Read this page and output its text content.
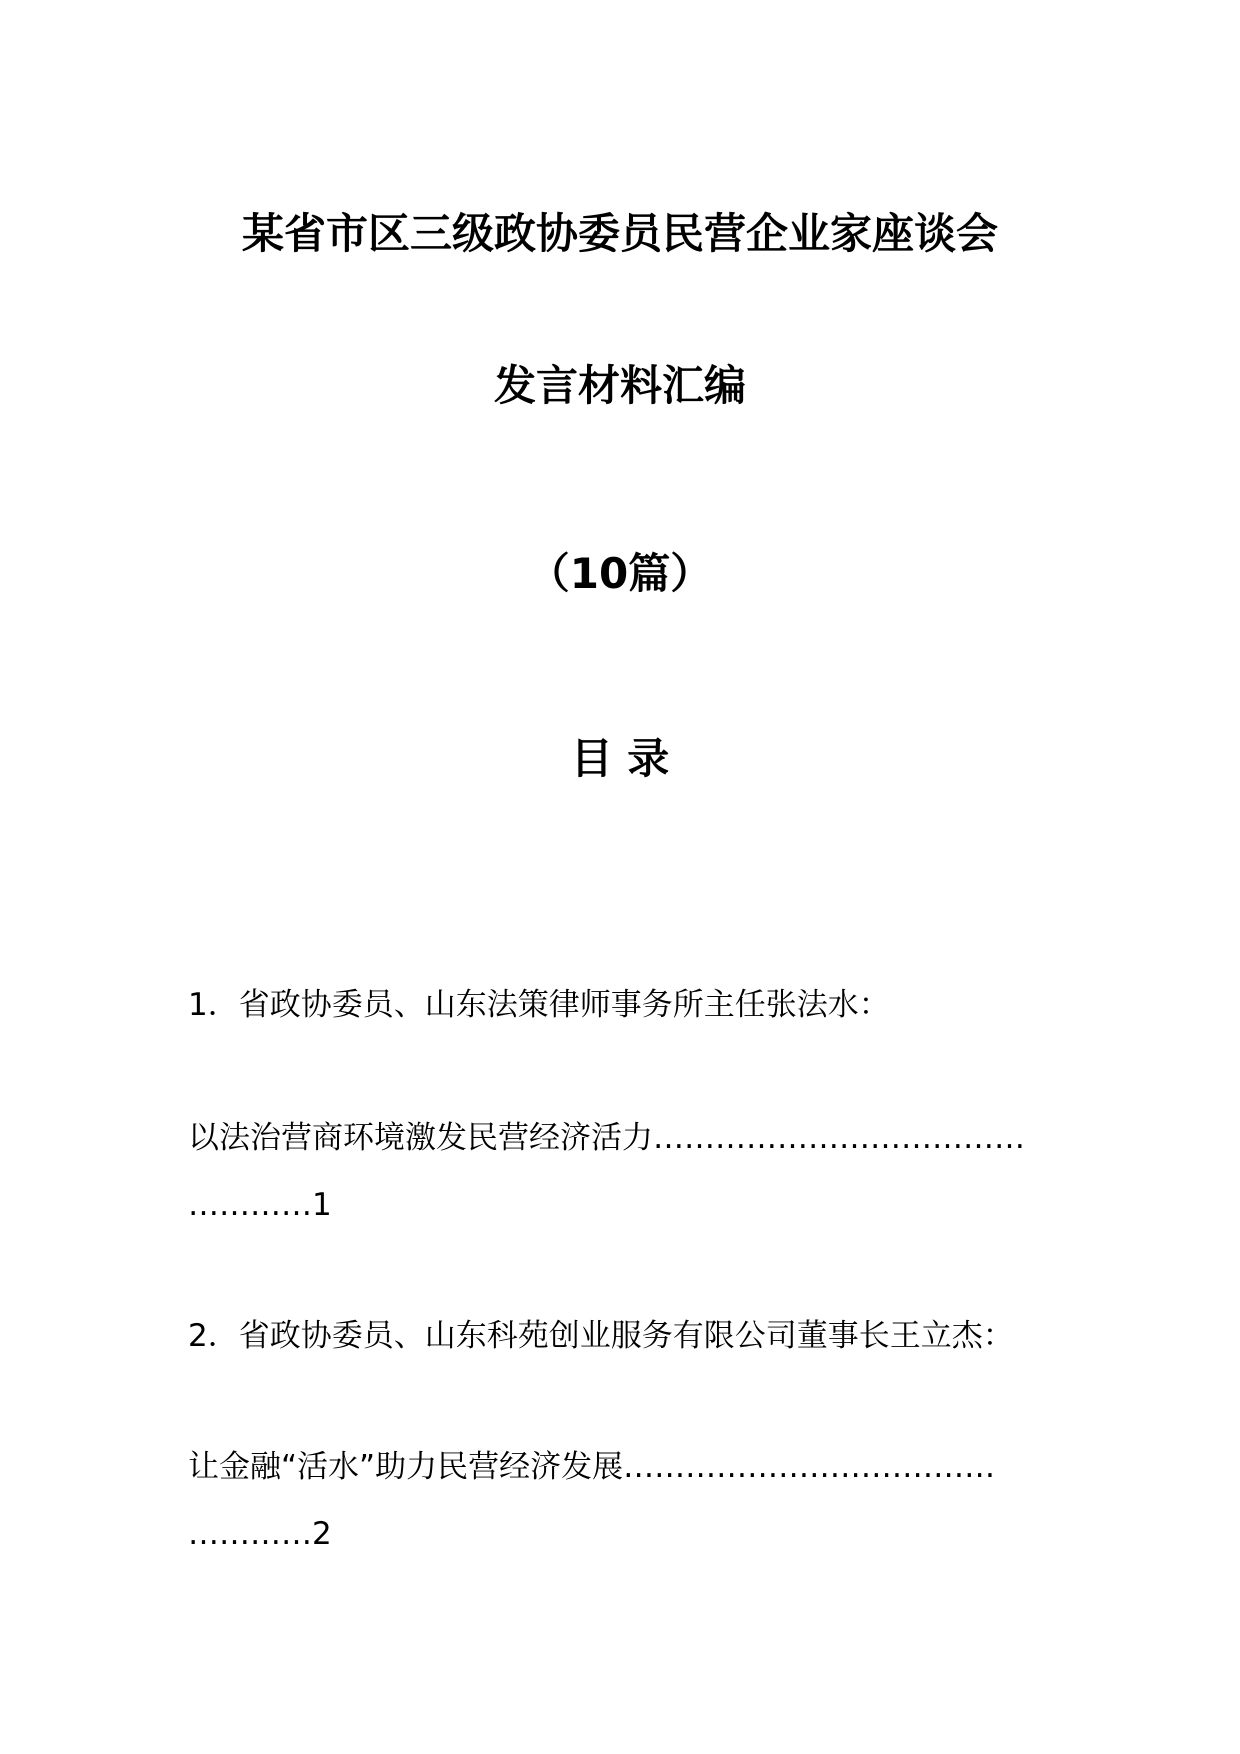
某省市区三级政协委员民营企业家座谈会
发言材料汇编
（10篇）
目 录
1．省政协委员、山东法策律师事务所主任张法水：
以法治营商环境激发民营经济活力………………………………
…………1
2．省政协委员、山东科苑创业服务有限公司董事长王立杰：
让金融“活水”助力民营经济发展………………………………
…………2
